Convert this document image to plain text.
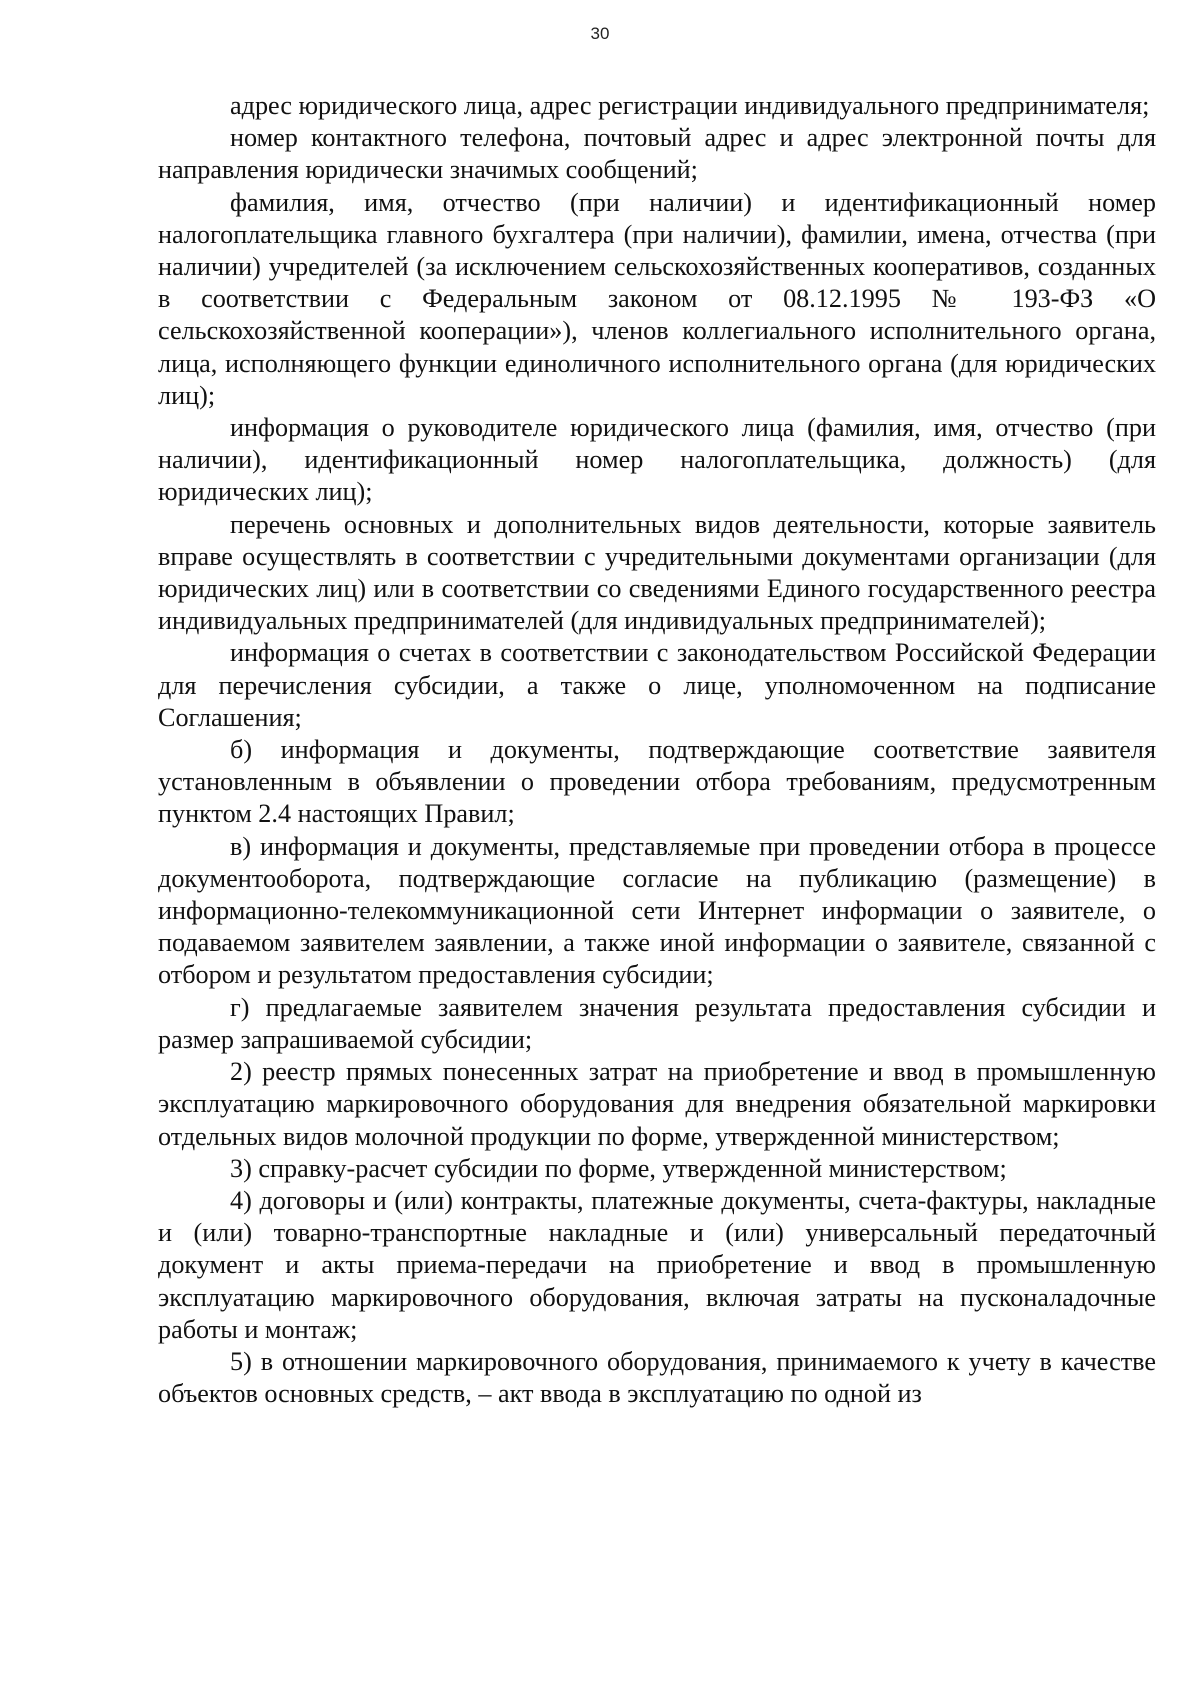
30

адрес юридического лица, адрес регистрации индивидуального предпринимателя;

номер контактного телефона, почтовый адрес и адрес электронной почты для направления юридически значимых сообщений;

фамилия, имя, отчество (при наличии) и идентификационный номер налогоплательщика главного бухгалтера (при наличии), фамилии, имена, отчества (при наличии) учредителей (за исключением сельскохозяйственных кооперативов, созданных в соответствии с Федеральным законом от 08.12.1995 № 193-ФЗ «О сельскохозяйственной кооперации»), членов коллегиального исполнительного органа, лица, исполняющего функции единоличного исполнительного органа (для юридических лиц);

информация о руководителе юридического лица (фамилия, имя, отчество (при наличии), идентификационный номер налогоплательщика, должность) (для юридических лиц);

перечень основных и дополнительных видов деятельности, которые заявитель вправе осуществлять в соответствии с учредительными документами организации (для юридических лиц) или в соответствии со сведениями Единого государственного реестра индивидуальных предпринимателей (для индивидуальных предпринимателей);

информация о счетах в соответствии с законодательством Российской Федерации для перечисления субсидии, а также о лице, уполномоченном на подписание Соглашения;

б) информация и документы, подтверждающие соответствие заявителя установленным в объявлении о проведении отбора требованиям, предусмотренным пунктом 2.4 настоящих Правил;

в) информация и документы, представляемые при проведении отбора в процессе документооборота, подтверждающие согласие на публикацию (размещение) в информационно-телекоммуникационной сети Интернет информации о заявителе, о подаваемом заявителем заявлении, а также иной информации о заявителе, связанной с отбором и результатом предоставления субсидии;

г) предлагаемые заявителем значения результата предоставления субсидии и размер запрашиваемой субсидии;

2) реестр прямых понесенных затрат на приобретение и ввод в промышленную эксплуатацию маркировочного оборудования для внедрения обязательной маркировки отдельных видов молочной продукции по форме, утвержденной министерством;

3) справку-расчет субсидии по форме, утвержденной министерством;

4) договоры и (или) контракты, платежные документы, счета-фактуры, накладные и (или) товарно-транспортные накладные и (или) универсальный передаточный документ и акты приема-передачи на приобретение и ввод в промышленную эксплуатацию маркировочного оборудования, включая затраты на пусконаладочные работы и монтаж;

5) в отношении маркировочного оборудования, принимаемого к учету в качестве объектов основных средств, – акт ввода в эксплуатацию по одной из
